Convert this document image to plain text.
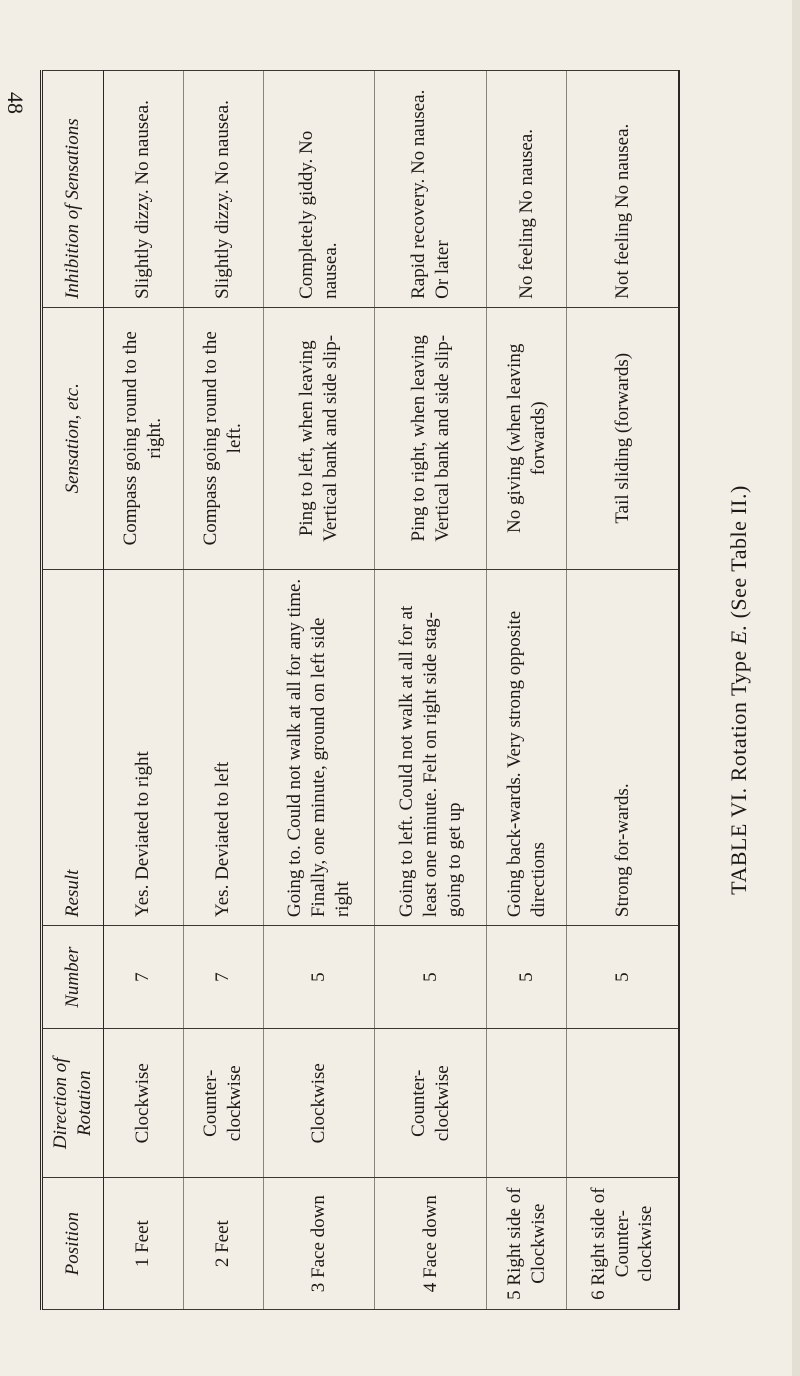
48
Position	Direction of Rotation	Number	Result	Sensation, etc.	Inhibition of Sensations
1 Feet	Clockwise	7	Yes. Deviated to right	Compass going round to the right.	Slightly dizzy. No nausea.
2 Feet	Counter-clockwise	7	Yes. Deviated to left	Compass going round to the left.	Slightly dizzy. No nausea.
3 Face down	Clockwise	5	Going to. Could not walk at all for any time. Finally, one minute, ground on left side right	Ping to left, when leaving Vertical bank and side slip-	Completely giddy. No nausea.
4 Face down	Counter-clockwise	5	Going to left. Could not walk at all for at least one minute. Felt on right side stag- going to get up	Ping to right, when leaving Vertical bank and side slip-	Rapid recovery. No nausea. Or later
5 Right side of Clockwise		5	Going back-wards. Very strong opposite directions	No giving (when leaving forwards)	No feeling No nausea.
6 Right side of Counter-clockwise		5	Strong for-wards.	Tail sliding (forwards)	Not feeling No nausea.
TABLE VI. Rotation Type E. (See Table II.)
